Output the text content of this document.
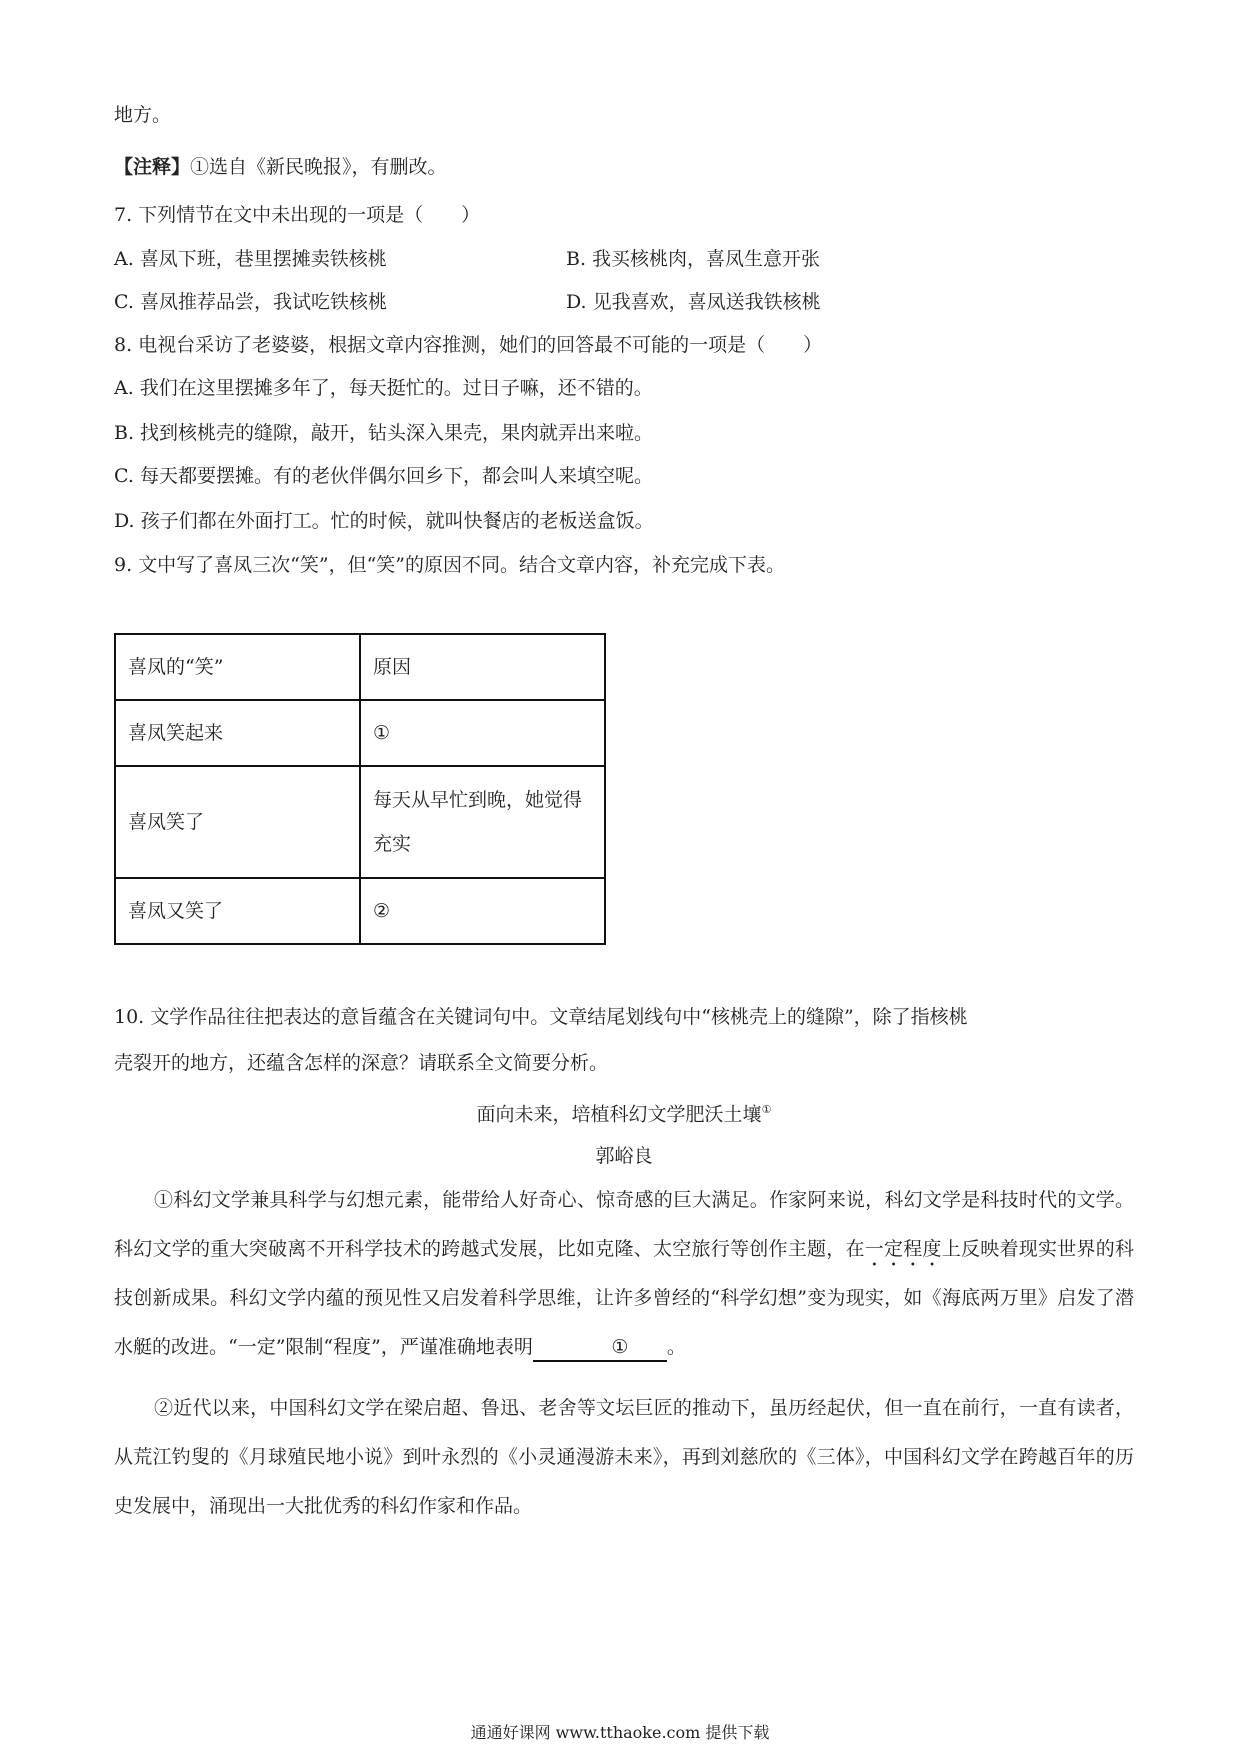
地方。
【注释】①选自《新民晚报》，有删改。
7. 下列情节在文中未出现的一项是（　　）
A. 喜凤下班，巷里摆摊卖铁核桃	B. 我买核桃肉，喜凤生意开张
C. 喜凤推荐品尝，我试吃铁核桃	D. 见我喜欢，喜凤送我铁核桃
8. 电视台采访了老婆婆，根据文章内容推测，她们的回答最不可能的一项是（　　）
A. 我们在这里摆摊多年了，每天挺忙的。过日子嘛，还不错的。
B. 找到核桃壳的缝隙，敲开，钻头深入果壳，果肉就弄出来啦。
C. 每天都要摆摊。有的老伙伴偶尔回乡下，都会叫人来填空呢。
D. 孩子们都在外面打工。忙的时候，就叫快餐店的老板送盒饭。
9. 文中写了喜凤三次“笑”，但“笑”的原因不同。结合文章内容，补充完成下表。
喜凤的“笑”	原因
喜凤笑起来	①
喜凤笑了	每天从早忙到晚，她觉得充实
喜凤又笑了	②
10. 文学作品往往把表达的意旨蕴含在关键词句中。文章结尾划线句中“核桃壳上的缝隙”，除了指核桃
壳裂开的地方，还蕴含怎样的深意？请联系全文简要分析。
面向未来，培植科幻文学肥沃土壤①
郭峪良
①科幻文学兼具科学与幻想元素，能带给人好奇心、惊奇感的巨大满足。作家阿来说，科幻文学是科技时代的文学。科幻文学的重大突破离不开科学技术的跨越式发展，比如克隆、太空旅行等创作主题，在一定程度上反映着现实世界的科技创新成果。科幻文学内蕴的预见性又启发着科学思维，让许多曾经的“科学幻想”变为现实，如《海底两万里》启发了潜水艇的改进。“一定”限制“程度”，严谨准确地表明	① 。
②近代以来，中国科幻文学在梁启超、鲁迅、老舍等文坛巨匠的推动下，虽历经起伏，但一直在前行，一直有读者，从荒江钓叟的《月球殖民地小说》到叶永烈的《小灵通漫游未来》，再到刘慈欣的《三体》，中国科幻文学在跨越百年的历史发展中，涌现出一大批优秀的科幻作家和作品。
通通好课网 www.tthaoke.com 提供下载
